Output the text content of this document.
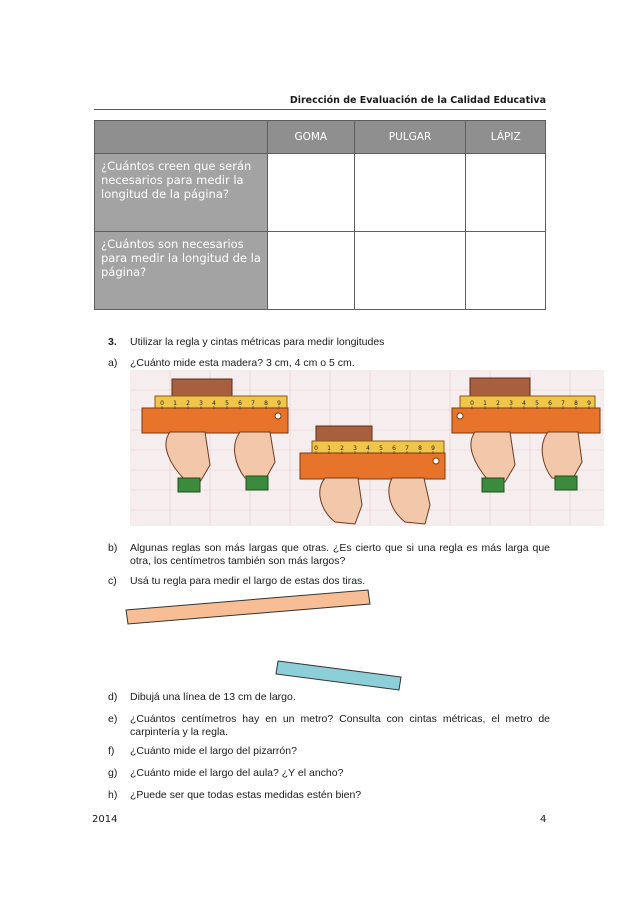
Dirección de Evaluación de la Calidad Educativa
	GOMA	PULGAR	LÁPIZ
¿Cuántos creen que serán necesarios para medir la longitud de la página?			
¿Cuántos son necesarios para medir la longitud de la página?			
3. Utilizar la regla y cintas métricas para medir longitudes
a) ¿Cuánto mide esta madera? 3 cm, 4 cm o 5 cm.
0 1 2 3 4 5 6 7 8 9
0 1 2 3 4 5 6 7 8 9
0 1 2 3 4 5 6 7 8 9
b) Algunas reglas son más largas que otras. ¿Es cierto que si una regla es más larga que otra, los centímetros también son más largos?
c) Usá tu regla para medir el largo de estas dos tiras.
d) Dibujá una línea de 13 cm de largo.
e) ¿Cuántos centímetros hay en un metro? Consulta con cintas métricas, el metro de carpintería y la regla.
f) ¿Cuánto mide el largo del pizarrón?
g) ¿Cuánto mide el largo del aula? ¿Y el ancho?
h) ¿Puede ser que todas estas medidas estén bien?
2014	4
